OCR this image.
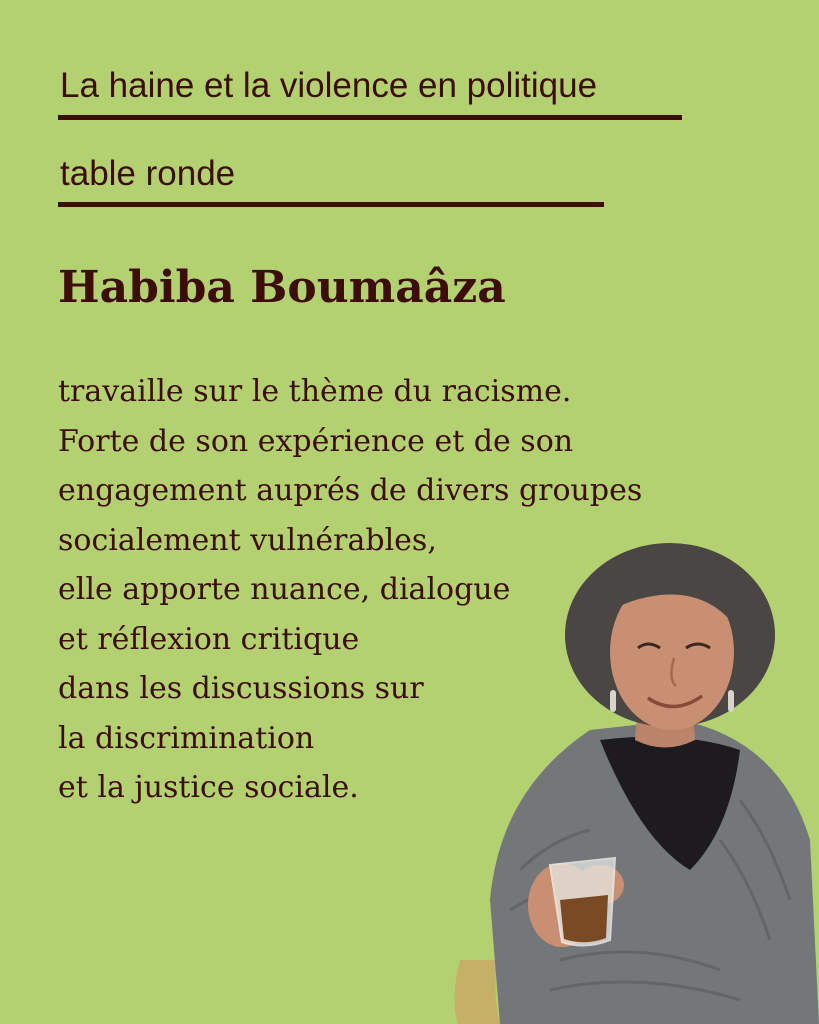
La haine et la violence en politique

table ronde

Habiba Boumaâza

travaille sur le thème du racisme.
Forte de son expérience et de son
engagement auprés de divers groupes
socialement vulnérables,
elle apporte nuance, dialogue
et réflexion critique
dans les discussions sur
la discrimination
et la justice sociale.
